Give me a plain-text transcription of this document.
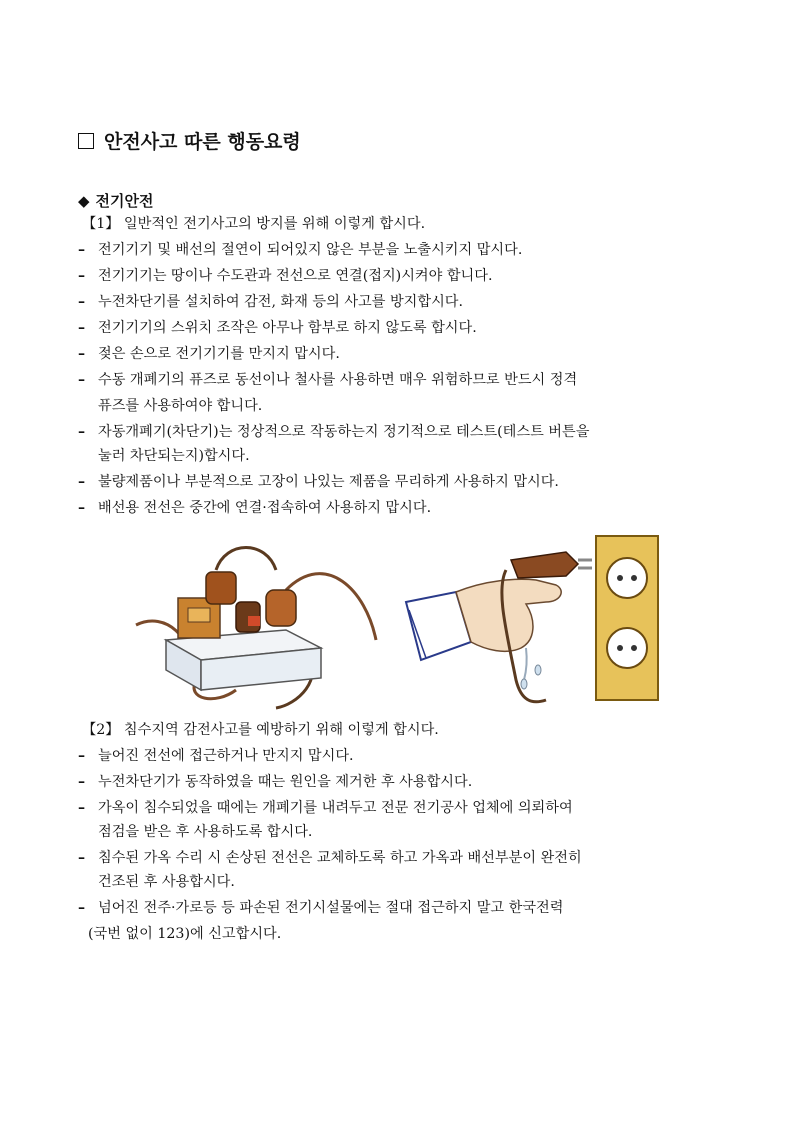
안전사고 따른 행동요령
◆ 전기안전
【1】 일반적인 전기사고의 방지를 위해 이렇게 합시다.
– 전기기기 및 배선의 절연이 되어있지 않은 부분을 노출시키지 맙시다.
– 전기기기는 땅이나 수도관과 전선으로 연결(접지)시켜야 합니다.
– 누전차단기를 설치하여 감전, 화재 등의 사고를 방지합시다.
– 전기기기의 스위치 조작은 아무나 함부로 하지 않도록 합시다.
– 젖은 손으로 전기기기를 만지지 맙시다.
– 수동 개폐기의 퓨즈로 동선이나 철사를 사용하면 매우 위험하므로 반드시 정격
퓨즈를 사용하여야 합니다.
– 자동개폐기(차단기)는 정상적으로 작동하는지 정기적으로 테스트(테스트 버튼을
눌러 차단되는지)합시다.
– 불량제품이나 부분적으로 고장이 나있는 제품을 무리하게 사용하지 맙시다.
– 배선용 전선은 중간에 연결·접속하여 사용하지 맙시다.
【2】 침수지역 감전사고를 예방하기 위해 이렇게 합시다.
– 늘어진 전선에 접근하거나 만지지 맙시다.
– 누전차단기가 동작하였을 때는 원인을 제거한 후 사용합시다.
– 가옥이 침수되었을 때에는 개폐기를 내려두고 전문 전기공사 업체에 의뢰하여
점검을 받은 후 사용하도록 합시다.
– 침수된 가옥 수리 시 손상된 전선은 교체하도록 하고 가옥과 배선부분이 완전히
건조된 후 사용합시다.
– 넘어진 전주·가로등 등 파손된 전기시설물에는 절대 접근하지 말고 한국전력
(국번 없이 123)에 신고합시다.
